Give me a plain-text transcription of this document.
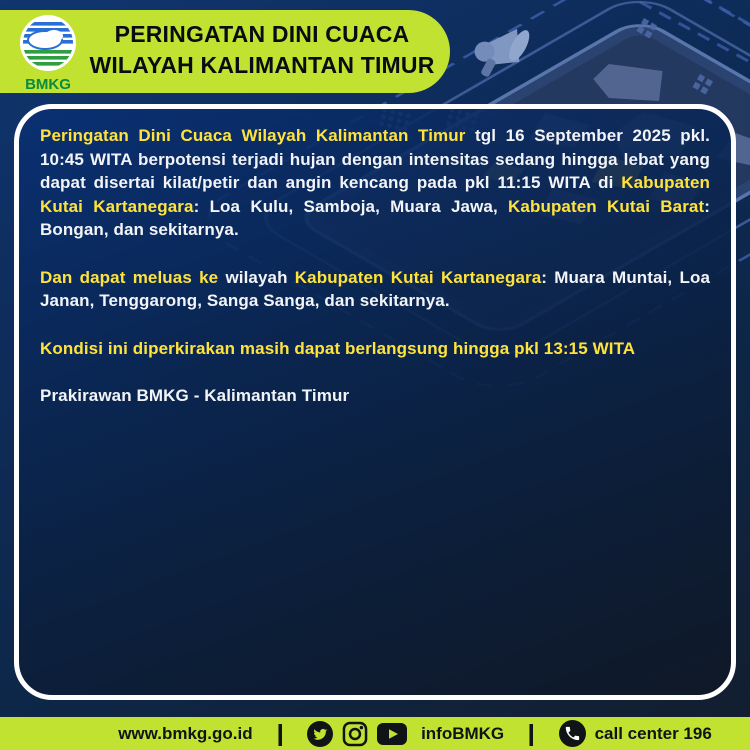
BMKG
PERINGATAN DINI CUACA
WILAYAH KALIMANTAN TIMUR

Peringatan Dini Cuaca Wilayah Kalimantan Timur tgl 16 September 2025 pkl. 10:45 WITA berpotensi terjadi hujan dengan intensitas sedang hingga lebat yang dapat disertai kilat/petir dan angin kencang pada pkl 11:15 WITA di Kabupaten Kutai Kartanegara: Loa Kulu, Samboja, Muara Jawa, Kabupaten Kutai Barat: Bongan, dan sekitarnya.

Dan dapat meluas ke wilayah Kabupaten Kutai Kartanegara: Muara Muntai, Loa Janan, Tenggarong, Sanga Sanga, dan sekitarnya.

Kondisi ini diperkirakan masih dapat berlangsung hingga pkl 13:15 WITA

Prakirawan BMKG - Kalimantan Timur

www.bmkg.go.id |	infoBMKG |	call center 196
